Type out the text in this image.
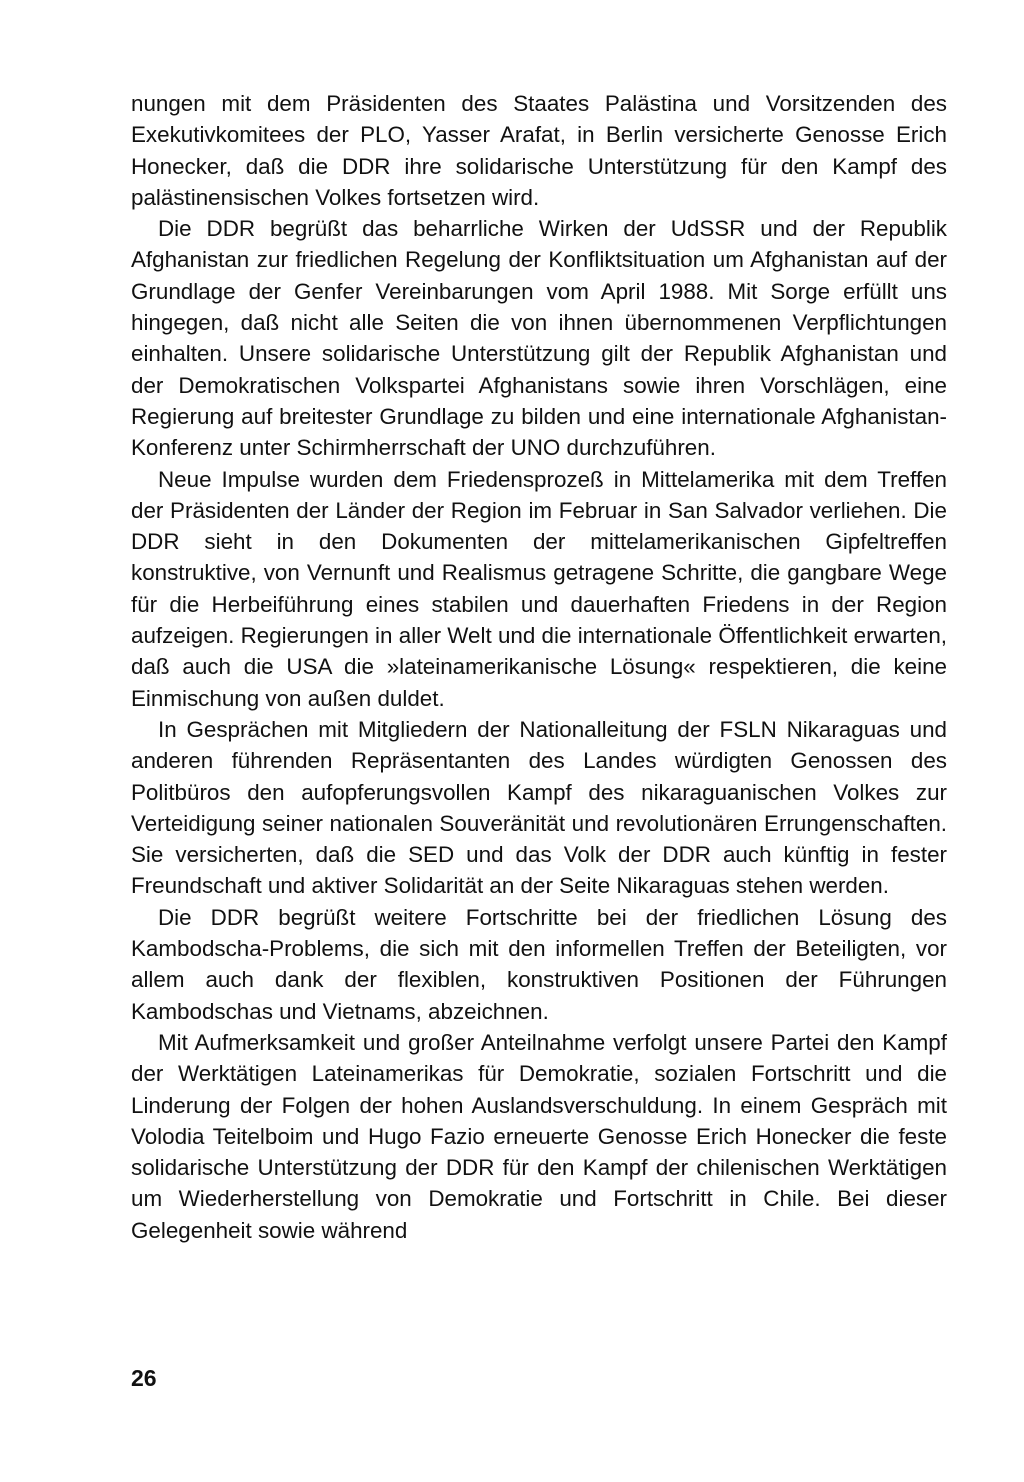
nungen mit dem Präsidenten des Staates Palästina und Vorsitzenden des Exekutivkomitees der PLO, Yasser Arafat, in Berlin versicherte Genosse Erich Honecker, daß die DDR ihre solidarische Unterstützung für den Kampf des palästinensischen Volkes fortsetzen wird.

Die DDR begrüßt das beharrliche Wirken der UdSSR und der Republik Afghanistan zur friedlichen Regelung der Konfliktsituation um Afghanistan auf der Grundlage der Genfer Vereinbarungen vom April 1988. Mit Sorge erfüllt uns hingegen, daß nicht alle Seiten die von ihnen übernommenen Verpflichtungen einhalten. Unsere solidarische Unterstützung gilt der Republik Afghanistan und der Demokratischen Volkspartei Afghanistans sowie ihren Vorschlägen, eine Regierung auf breitester Grundlage zu bilden und eine internationale Afghanistan-Konferenz unter Schirmherrschaft der UNO durchzuführen.

Neue Impulse wurden dem Friedensprozeß in Mittelamerika mit dem Treffen der Präsidenten der Länder der Region im Februar in San Salvador verliehen. Die DDR sieht in den Dokumenten der mittelamerikanischen Gipfeltreffen konstruktive, von Vernunft und Realismus getragene Schritte, die gangbare Wege für die Herbeiführung eines stabilen und dauerhaften Friedens in der Region aufzeigen. Regierungen in aller Welt und die internationale Öffentlichkeit erwarten, daß auch die USA die »lateinamerikanische Lösung« respektieren, die keine Einmischung von außen duldet.

In Gesprächen mit Mitgliedern der Nationalleitung der FSLN Nikaraguas und anderen führenden Repräsentanten des Landes würdigten Genossen des Politbüros den aufopferungsvollen Kampf des nikaraguanischen Volkes zur Verteidigung seiner nationalen Souveränität und revolutionären Errungenschaften. Sie versicherten, daß die SED und das Volk der DDR auch künftig in fester Freundschaft und aktiver Solidarität an der Seite Nikaraguas stehen werden.

Die DDR begrüßt weitere Fortschritte bei der friedlichen Lösung des Kambodscha-Problems, die sich mit den informellen Treffen der Beteiligten, vor allem auch dank der flexiblen, konstruktiven Positionen der Führungen Kambodschas und Vietnams, abzeichnen.

Mit Aufmerksamkeit und großer Anteilnahme verfolgt unsere Partei den Kampf der Werktätigen Lateinamerikas für Demokratie, sozialen Fortschritt und die Linderung der Folgen der hohen Auslandsverschuldung. In einem Gespräch mit Volodia Teitelboim und Hugo Fazio erneuerte Genosse Erich Honecker die feste solidarische Unterstützung der DDR für den Kampf der chilenischen Werktätigen um Wiederherstellung von Demokratie und Fortschritt in Chile. Bei dieser Gelegenheit sowie während

26
